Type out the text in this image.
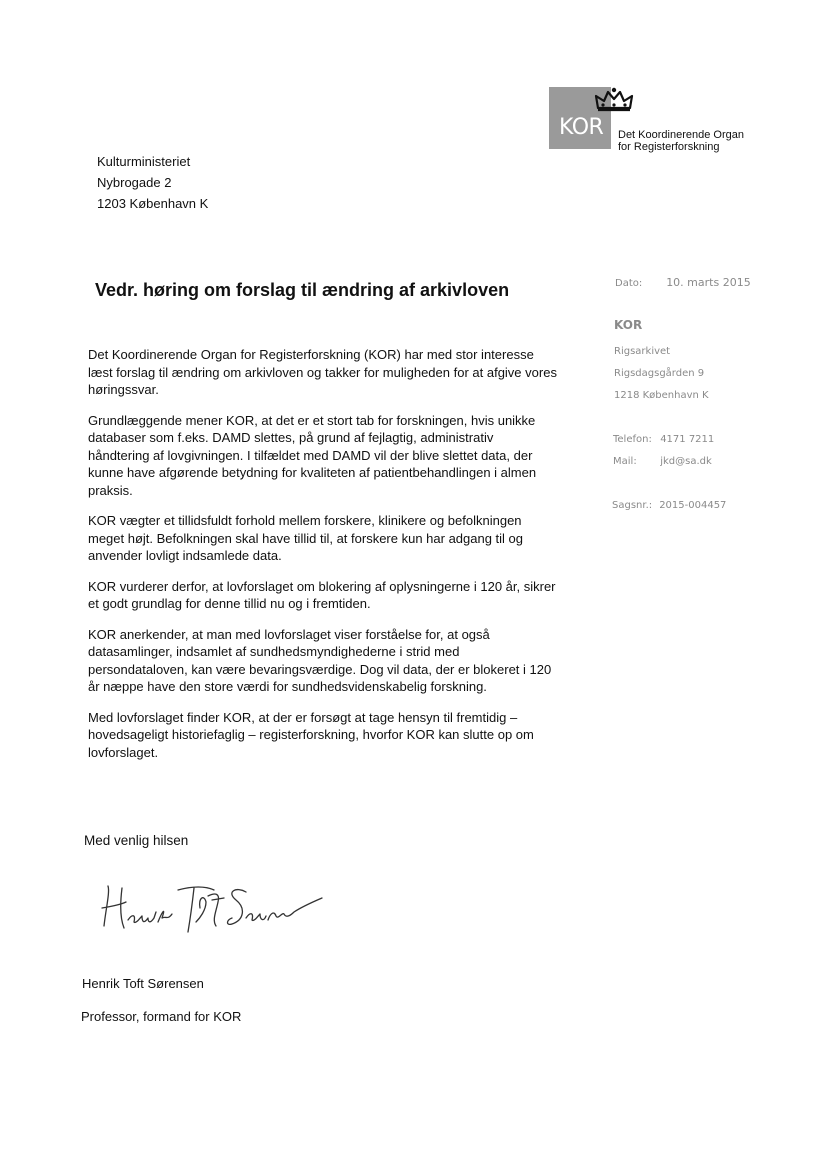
KOR Det Koordinerende Organ
for Registerforskning
Kulturministeriet
Nybrogade 2
1203 København K
Vedr. høring om forslag til ændring af arkivloven	Dato: 10. marts 2015
KOR
Rigsarkivet
Rigsdagsgården 9
1218 København K
Telefon: 4171 7211
Mail: jkd@sa.dk
Sagsnr.: 2015-004457

Det Koordinerende Organ for Registerforskning (KOR) har med stor interesse læst forslag til ændring om arkivloven og takker for muligheden for at afgive vores høringssvar.

Grundlæggende mener KOR, at det er et stort tab for forskningen, hvis unikke databaser som f.eks. DAMD slettes, på grund af fejlagtig, administrativ håndtering af lovgivningen. I tilfældet med DAMD vil der blive slettet data, der kunne have afgørende betydning for kvaliteten af patientbehandlingen i almen praksis.

KOR vægter et tillidsfuldt forhold mellem forskere, klinikere og befolkningen meget højt. Befolkningen skal have tillid til, at forskere kun har adgang til og anvender lovligt indsamlede data.

KOR vurderer derfor, at lovforslaget om blokering af oplysningerne i 120 år, sikrer et godt grundlag for denne tillid nu og i fremtiden.

KOR anerkender, at man med lovforslaget viser forståelse for, at også datasamlinger, indsamlet af sundhedsmyndighederne i strid med persondataloven, kan være bevaringsværdige. Dog vil data, der er blokeret i 120 år næppe have den store værdi for sundhedsvidenskabelig forskning.

Med lovforslaget finder KOR, at der er forsøgt at tage hensyn til fremtidig – hovedsageligt historiefaglig – registerforskning, hvorfor KOR kan slutte op om lovforslaget.

Med venlig hilsen
Henrik Toft Sørensen
Professor, formand for KOR
